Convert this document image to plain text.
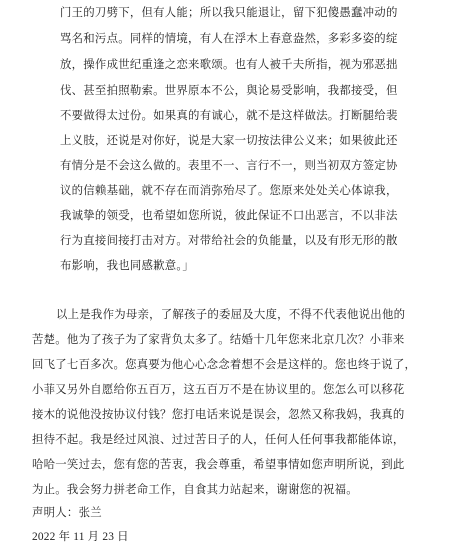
门王的刀劈下，但有人能；所以我只能退让，留下犯傻愚蠢冲动的
骂名和污点。同样的情境，有人在浮木上春意盎然，多彩多姿的绽
放，操作成世纪重逢之恋来歌颂。也有人被千夫所指，视为邪恶拙
伐、甚至拍照勒索。世界原本不公，與论易受影响，我都接受，但
不要做得太过份。如果真的有诚心，就不是这样做法。打断腿给裴
上义肢，还说是对你好，说是大家一切按法律公义来；如果彼此还
有情分是不会这么做的。表里不一、言行不一，则当初双方签定协
议的信赖基础，就不存在而消弥殆尽了。您原来处处关心体谅我，
我诚挚的领受，也希望如您所说，彼此保证不口出恶言，不以非法
行为直接间接打击对方。对带给社会的负能量，以及有形无形的散
布影响，我也同感歉意。」
以上是我作为母亲，了解孩子的委屈及大度，不得不代表他说出他的
苦楚。他为了孩子为了家背负太多了。结婚十几年您来北京几次？小菲来
回飞了七百多次。您真要为他心心念念着想不会是这样的。您也终于说了，
小菲又另外自愿给你五百万，这五百万不是在协议里的。您怎么可以移花
接木的说他没按协议付钱？您打电话来说是误会，忽然又称我妈，我真的
担待不起。我是经过风浪、过过苦日子的人，任何人任何事我都能体谅，
哈哈一笑过去，您有您的苦衷，我会尊重，希望事情如您声明所说，到此
为止。我会努力拼老命工作，自食其力站起来，谢谢您的祝福。
声明人：张兰
2022 年 11 月 23 日
